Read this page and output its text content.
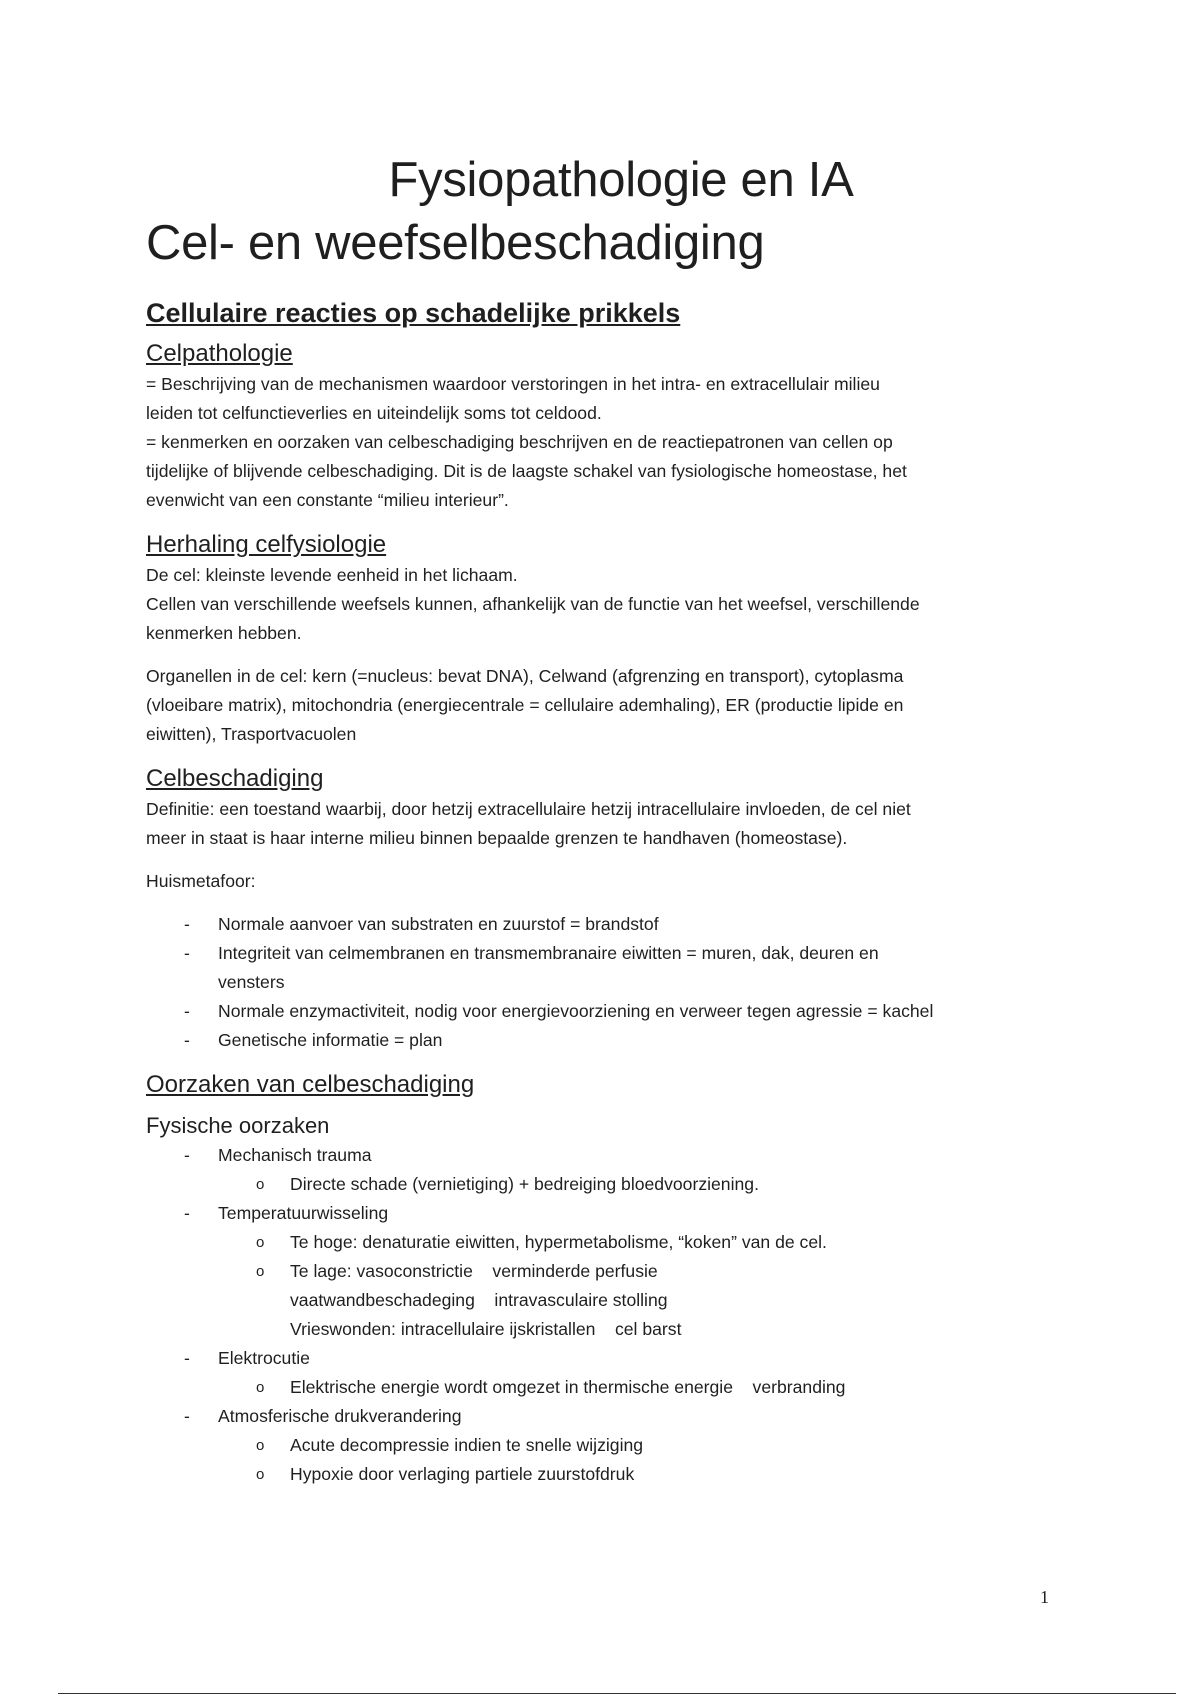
Fysiopathologie en IA
Cel- en weefselbeschadiging
Cellulaire reacties op schadelijke prikkels
Celpathologie

= Beschrijving van de mechanismen waardoor verstoringen in het intra- en extracellulair milieu
leiden tot celfunctieverlies en uiteindelijk soms tot celdood.
= kenmerken en oorzaken van celbeschadiging beschrijven en de reactiepatronen van cellen op
tijdelijke of blijvende celbeschadiging. Dit is de laagste schakel van fysiologische homeostase, het
evenwicht van een constante “milieu interieur”.

Herhaling celfysiologie

De cel: kleinste levende eenheid in het lichaam.
Cellen van verschillende weefsels kunnen, afhankelijk van de functie van het weefsel, verschillende
kenmerken hebben.

Organellen in de cel: kern (=nucleus: bevat DNA), Celwand (afgrenzing en transport), cytoplasma
(vloeibare matrix), mitochondria (energiecentrale = cellulaire ademhaling), ER (productie lipide en
eiwitten), Trasportvacuolen

Celbeschadiging

Definitie: een toestand waarbij, door hetzij extracellulaire hetzij intracellulaire invloeden, de cel niet
meer in staat is haar interne milieu binnen bepaalde grenzen te handhaven (homeostase).

Huismetafoor:

- Normale aanvoer van substraten en zuurstof = brandstof
- Integriteit van celmembranen en transmembranaire eiwitten = muren, dak, deuren en
vensters
- Normale enzymactiviteit, nodig voor energievoorziening en verweer tegen agressie = kachel
- Genetische informatie = plan
Oorzaken van celbeschadiging
Fysische oorzaken
- Mechanisch trauma
o Directe schade (vernietiging) + bedreiging bloedvoorziening.
- Temperatuurwisseling
o Te hoge: denaturatie eiwitten, hypermetabolisme, “koken” van de cel.
o Te lage: vasoconstrictie    verminderde perfusie
vaatwandbeschadeging    intravasculaire stolling
Vrieswonden: intracellulaire ijskristallen    cel barst
- Elektrocutie
o Elektrische energie wordt omgezet in thermische energie    verbranding
- Atmosferische drukverandering
o Acute decompressie indien te snelle wijziging
o Hypoxie door verlaging partiele zuurstofdruk
1
